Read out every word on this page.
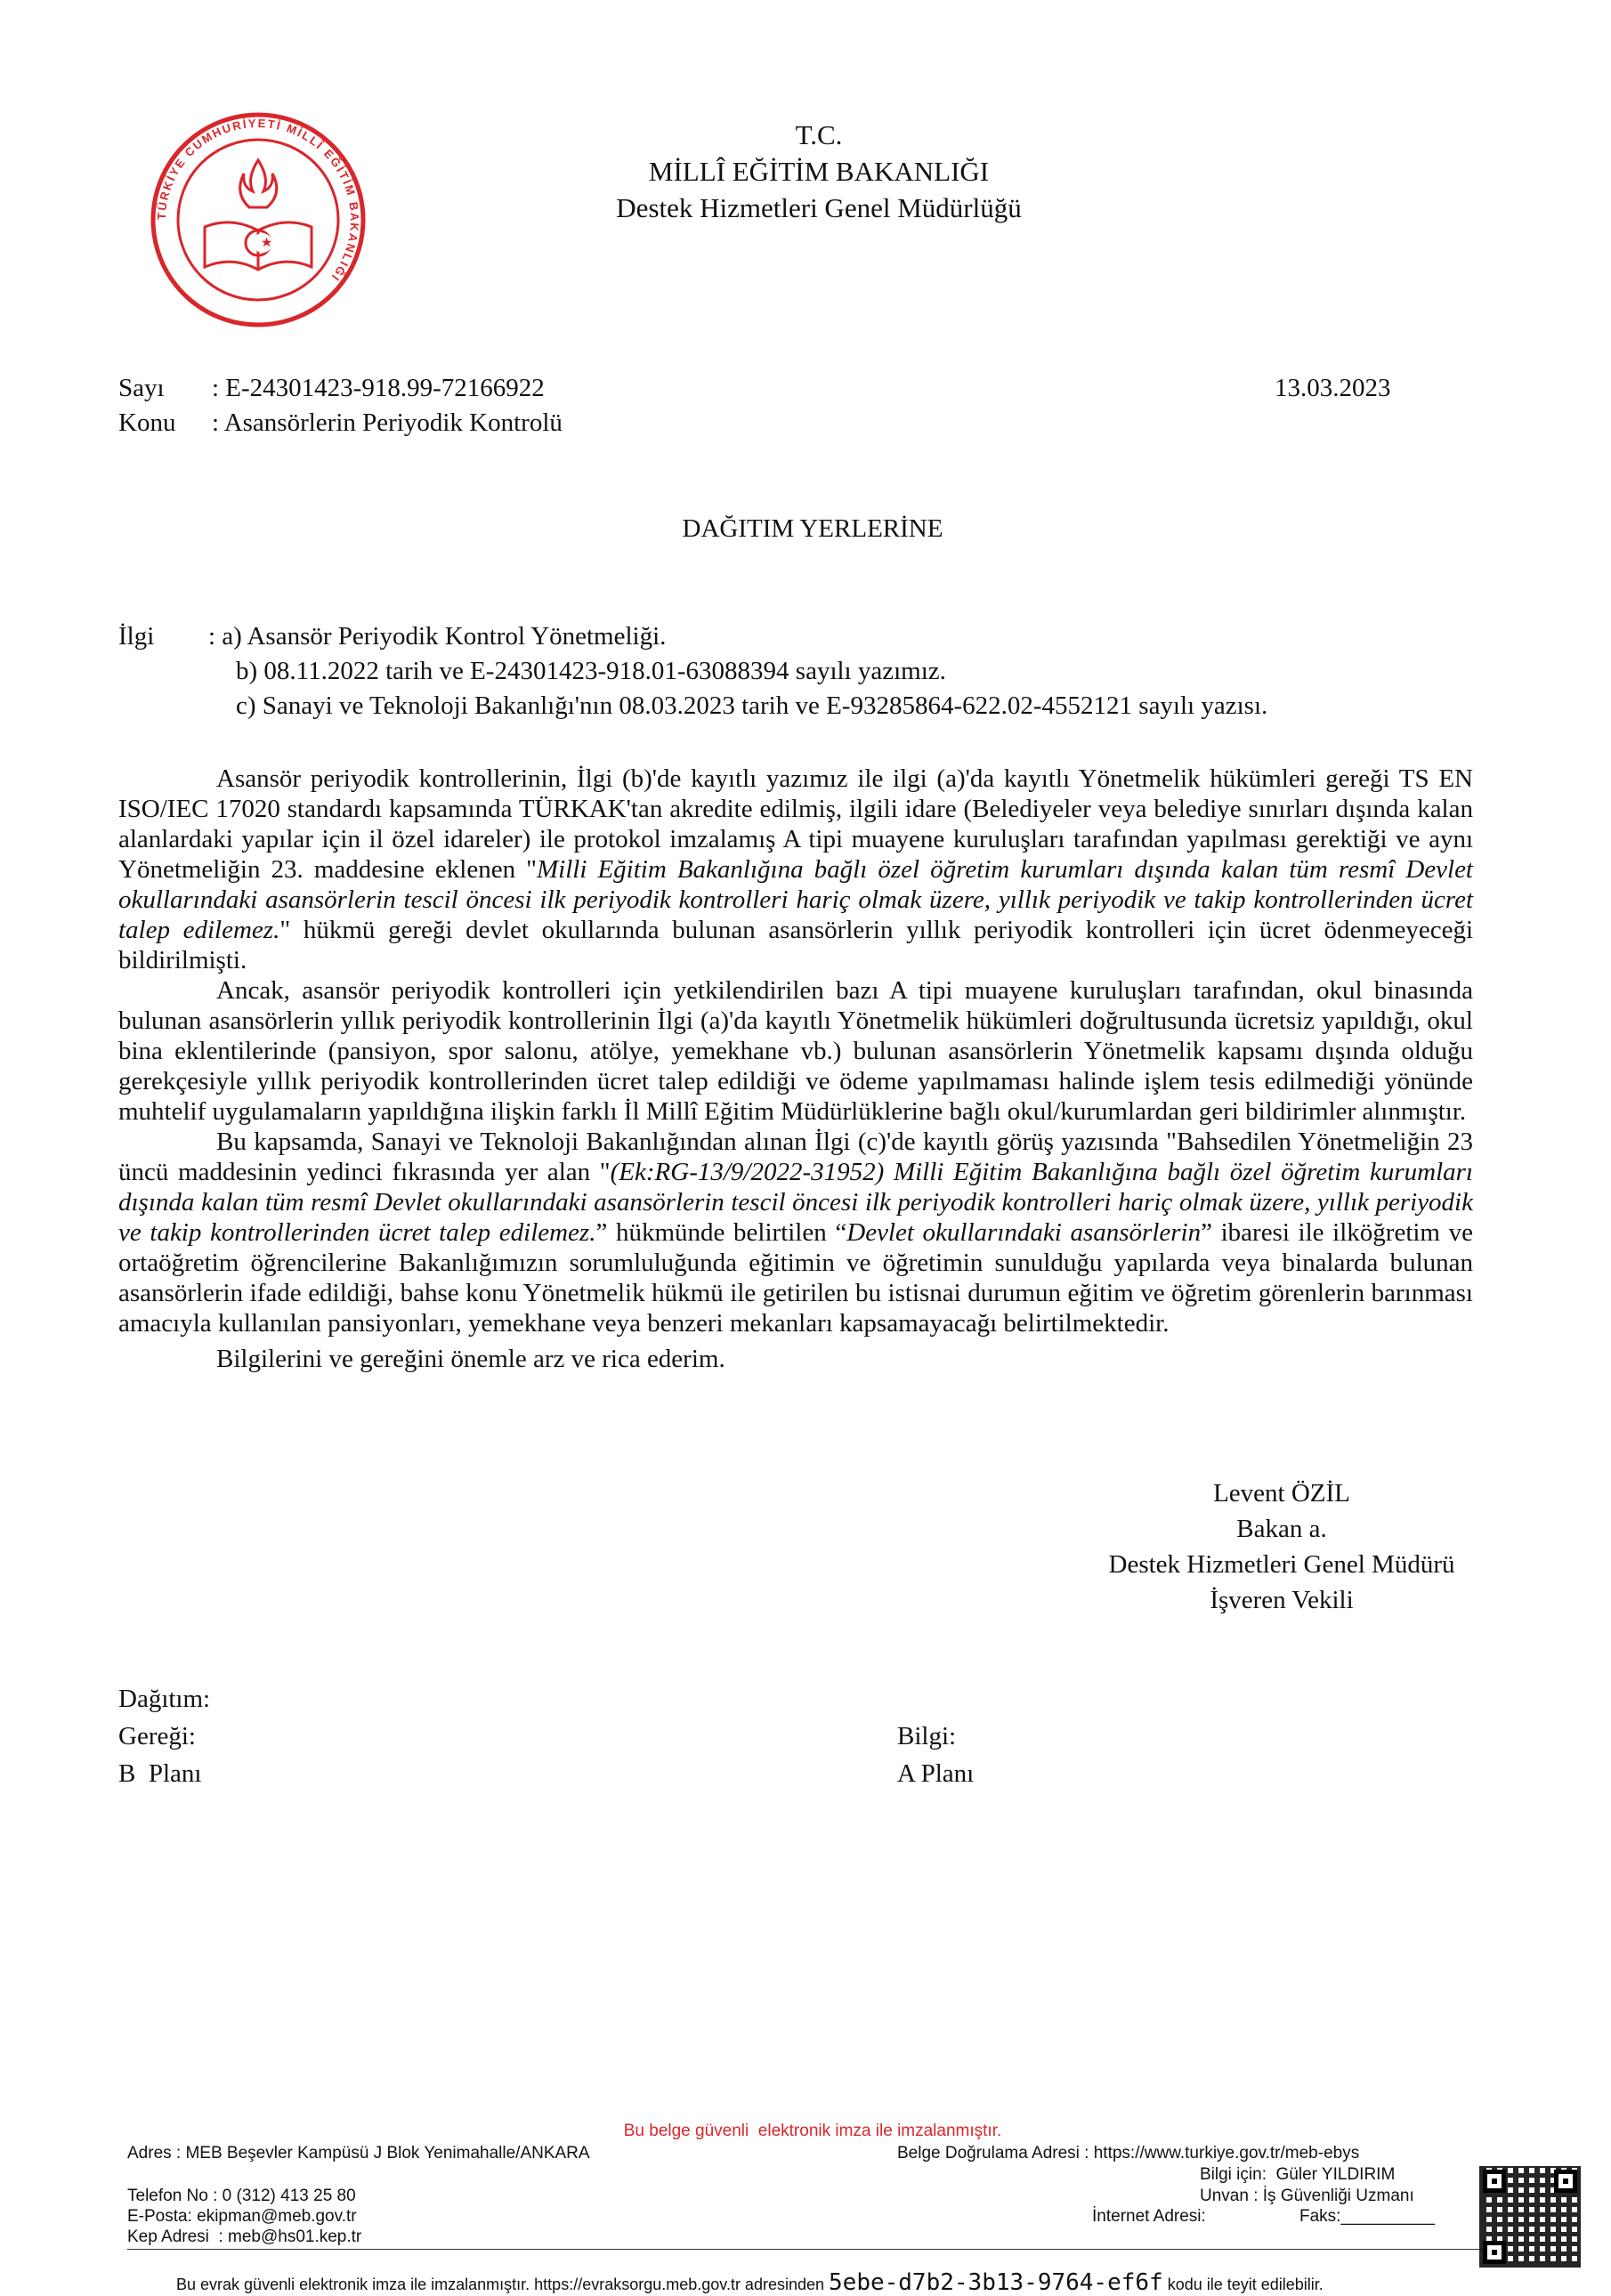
TÜRKİYE CUMHURİYETİ MİLLÎ EĞİTİM BAKANLIĞI
T.C.
MİLLÎ EĞİTİM BAKANLIĞI
Destek Hizmetleri Genel Müdürlüğü
Sayı : E-24301423-918.99-72166922	13.03.2023
Konu : Asansörlerin Periyodik Kontrolü
DAĞITIM YERLERİNE
İlgi : a) Asansör Periyodik Kontrol Yönetmeliği.
b) 08.11.2022 tarih ve E-24301423-918.01-63088394 sayılı yazımız.
c) Sanayi ve Teknoloji Bakanlığı'nın 08.03.2023 tarih ve E-93285864-622.02-4552121 sayılı yazısı.

Asansör periyodik kontrollerinin, İlgi (b)'de kayıtlı yazımız ile ilgi (a)'da kayıtlı Yönetmelik hükümleri gereği TS EN ISO/IEC 17020 standardı kapsamında TÜRKAK'tan akredite edilmiş, ilgili idare (Belediyeler veya belediye sınırları dışında kalan alanlardaki yapılar için il özel idareler) ile protokol imzalamış A tipi muayene kuruluşları tarafından yapılması gerektiği ve aynı Yönetmeliğin 23. maddesine eklenen "Milli Eğitim Bakanlığına bağlı özel öğretim kurumları dışında kalan tüm resmî Devlet okullarındaki asansörlerin tescil öncesi ilk periyodik kontrolleri hariç olmak üzere, yıllık periyodik ve takip kontrollerinden ücret talep edilemez." hükmü gereği devlet okullarında bulunan asansörlerin yıllık periyodik kontrolleri için ücret ödenmeyeceği bildirilmişti.

Ancak, asansör periyodik kontrolleri için yetkilendirilen bazı A tipi muayene kuruluşları tarafından, okul binasında bulunan asansörlerin yıllık periyodik kontrollerinin İlgi (a)'da kayıtlı Yönetmelik hükümleri doğrultusunda ücretsiz yapıldığı, okul bina eklentilerinde (pansiyon, spor salonu, atölye, yemekhane vb.) bulunan asansörlerin Yönetmelik kapsamı dışında olduğu gerekçesiyle yıllık periyodik kontrollerinden ücret talep edildiği ve ödeme yapılmaması halinde işlem tesis edilmediği yönünde muhtelif uygulamaların yapıldığına ilişkin farklı İl Millî Eğitim Müdürlüklerine bağlı okul/kurumlardan geri bildirimler alınmıştır.

Bu kapsamda, Sanayi ve Teknoloji Bakanlığından alınan İlgi (c)'de kayıtlı görüş yazısında "Bahsedilen Yönetmeliğin 23 üncü maddesinin yedinci fıkrasında yer alan "(Ek:RG-13/9/2022-31952) Milli Eğitim Bakanlığına bağlı özel öğretim kurumları dışında kalan tüm resmî Devlet okullarındaki asansörlerin tescil öncesi ilk periyodik kontrolleri hariç olmak üzere, yıllık periyodik ve takip kontrollerinden ücret talep edilemez.” hükmünde belirtilen “Devlet okullarındaki asansörlerin” ibaresi ile ilköğretim ve ortaöğretim öğrencilerine Bakanlığımızın sorumluluğunda eğitimin ve öğretimin sunulduğu yapılarda veya binalarda bulunan asansörlerin ifade edildiği, bahse konu Yönetmelik hükmü ile getirilen bu istisnai durumun eğitim ve öğretim görenlerin barınması amacıyla kullanılan pansiyonları, yemekhane veya benzeri mekanları kapsamayacağı belirtilmektedir.

Bilgilerini ve gereğini önemle arz ve rica ederim.

Levent ÖZİL
Bakan a.
Destek Hizmetleri Genel Müdürü
İşveren Vekili
Dağıtım:
Gereği:
B  Planı
Bilgi:
A Planı
Bu belge güvenli  elektronik imza ile imzalanmıştır.
Adres : MEB Beşevler Kampüsü J Blok Yenimahalle/ANKARA	Belge Doğrulama Adresi : https://www.turkiye.gov.tr/meb-ebys
Bilgi için:  Güler YILDIRIM
Telefon No : 0 (312) 413 25 80	Unvan : İş Güvenliği Uzmanı
E-Posta: ekipman@meb.gov.tr	İnternet Adresi:	Faks:__________
Kep Adresi  : meb@hs01.kep.tr

Bu evrak güvenli elektronik imza ile imzalanmıştır. https://evraksorgu.meb.gov.tr adresinden 5ebe-d7b2-3b13-9764-ef6f kodu ile teyit edilebilir.
